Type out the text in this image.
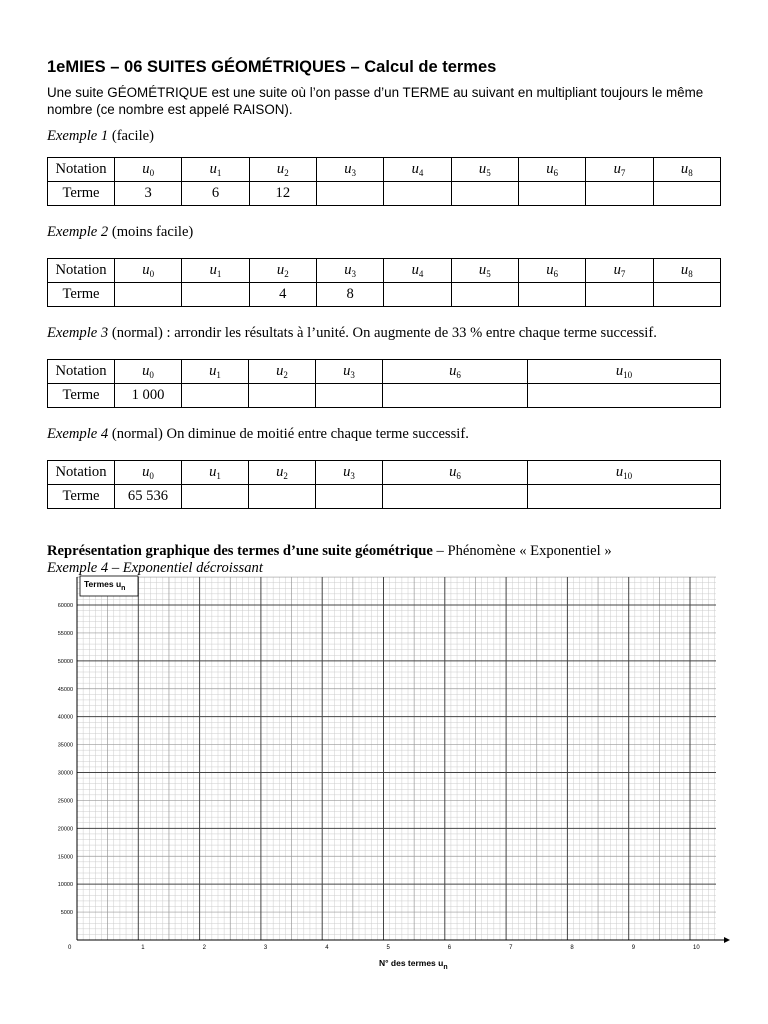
1eMIES – 06 SUITES GÉOMÉTRIQUES – Calcul de termes
Une suite GÉOMÉTRIQUE est une suite où l’on passe d’un TERME au suivant en multipliant toujours le même nombre (ce nombre est appelé RAISON).
Exemple 1 (facile)
Notation	$u_0$	$u_1$	$u_2$	$u_3$	$u_4$	$u_5$	$u_6$	$u_7$	$u_8$
Terme	3	6	12						
Exemple 2 (moins facile)
Notation	$u_0$	$u_1$	$u_2$	$u_3$	$u_4$	$u_5$	$u_6$	$u_7$	$u_8$
Terme			4	8					
Exemple 3 (normal) : arrondir les résultats à l’unité. On augmente de 33 % entre chaque terme successif.
Notation	$u_0$	$u_1$	$u_2$	$u_3$	$u_6$	$u_{10}$
Terme	1 000					
Exemple 4 (normal) On diminue de moitié entre chaque terme successif.
Notation	$u_0$	$u_1$	$u_2$	$u_3$	$u_6$	$u_{10}$
Terme	65 536					
Représentation graphique des termes d’une suite géométrique – Phénomène « Exponentiel »
Exemple 4 – Exponentiel décroissant
0	1	2	3	4	5	6	7	8	9	10
5000
10000
15000
20000
25000
30000
35000
40000
45000
50000
55000
60000
Termes $u_n$
N° des termes $u_n$
